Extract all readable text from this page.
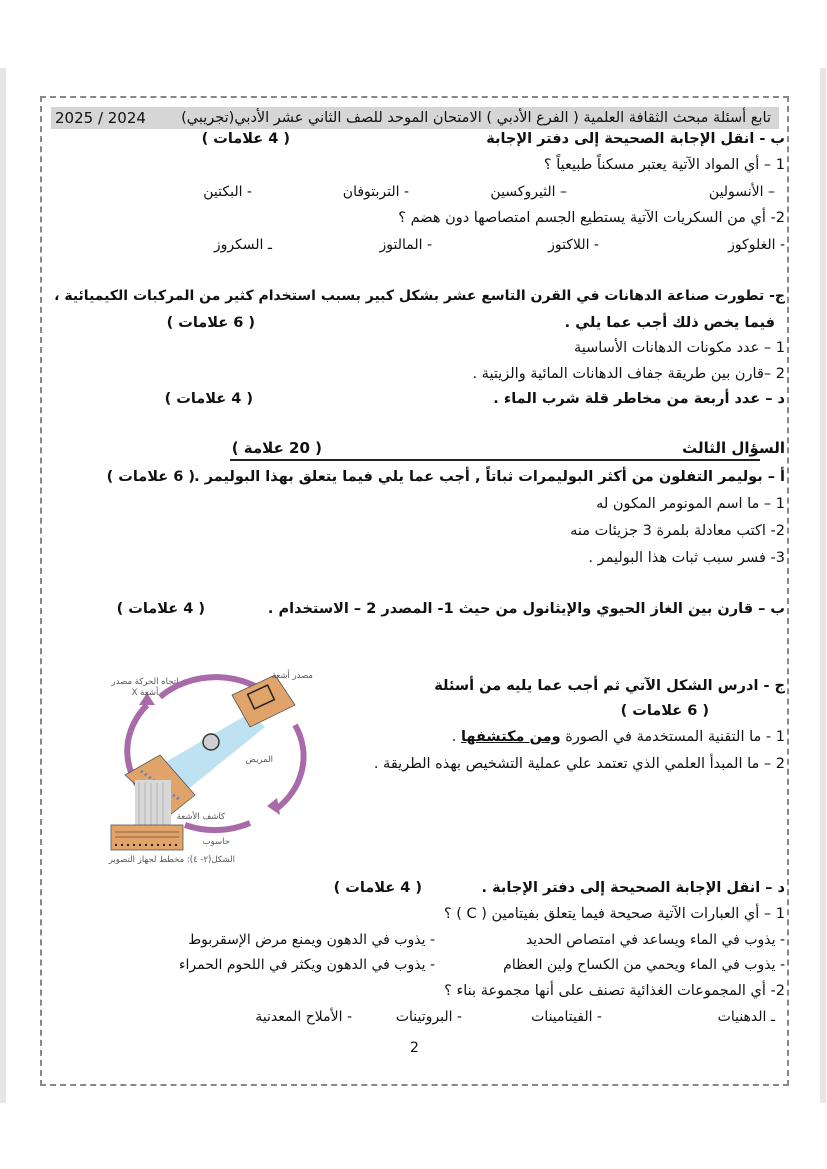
تابع أسئلة مبحث الثقافة العلمية ( الفرع الأدبي ) الامتحان الموحد للصف الثاني عشر الأدبي(تجريبي)
2025 / 2024
ب - انقل الإجابة الصحيحة إلى دفتر الإجابة
( 4 علامات )
1 – أي المواد الآتية يعتبر مسكناً طبيعياً ؟
– الأنسولين
– الثيروكسين
- التربتوفان
- البكتين
2- أي من السكريات الآتية يستطيع الجسم امتصاصها دون هضم ؟
- الغلوكوز
- اللاكتوز
- المالتوز
ـ السكروز
ج- تطورت صناعة الدهانات في القرن التاسع عشر بشكل كبير بسبب استخدام كثير من المركبات الكيميائية ،
فيما يخص ذلك أجب عما يلي .
( 6 علامات )
1 – عدد مكونات الدهانات الأساسية
2 –قارن بين طريقة جفاف الدهانات المائية والزيتية .
د – عدد أربعة من مخاطر قلة شرب الماء .
( 4 علامات )
السؤال الثالث
( 20 علامة )
أ – بوليمر التفلون من أكثر البوليمرات ثباتاً , أجب عما يلي فيما يتعلق بهذا البوليمر .
( 6 علامات )
1 – ما اسم المونومر المكون له
2- اكتب معادلة بلمرة 3 جزيئات منه
3- فسر سبب ثبات هذا البوليمر .
ب – قارن بين الغاز الحيوي والإيثانول من حيث 1- المصدر 2 – الاستخدام .
( 4 علامات )
ج - ادرس الشكل الآتي ثم أجب عما يليه من أسئلة
( 6 علامات )
1 - ما التقنية المستخدمة في الصورة ومن مكتشفها .
2 – ما المبدأ العلمي الذي تعتمد علي عملية التشخيص بهذه الطريقة .
اتجاه الحركة مصدر أشعة X
مصدر أشعة
المريض
كاشف الأشعة
حاسوب
الشكل(٢- ٤): مخطط لجهاز التصوير
د – انقل الإجابة الصحيحة إلى دفتر الإجابة .
( 4 علامات )
1 – أي العبارات الآتية صحيحة فيما يتعلق بفيتامين ( C ) ؟
- يذوب في الماء ويساعد في امتصاص الحديد
- يذوب في الدهون ويمنع مرض الإسقربوط
- يذوب في الماء ويحمي من الكساح ولين العظام
- يذوب في الدهون ويكثر في اللحوم الحمراء
2- أي المجموعات الغذائية تصنف على أنها مجموعة بناء ؟
ـ الدهنيات
- الفيتامينات
- البروتينات
- الأملاح المعدنية
2
